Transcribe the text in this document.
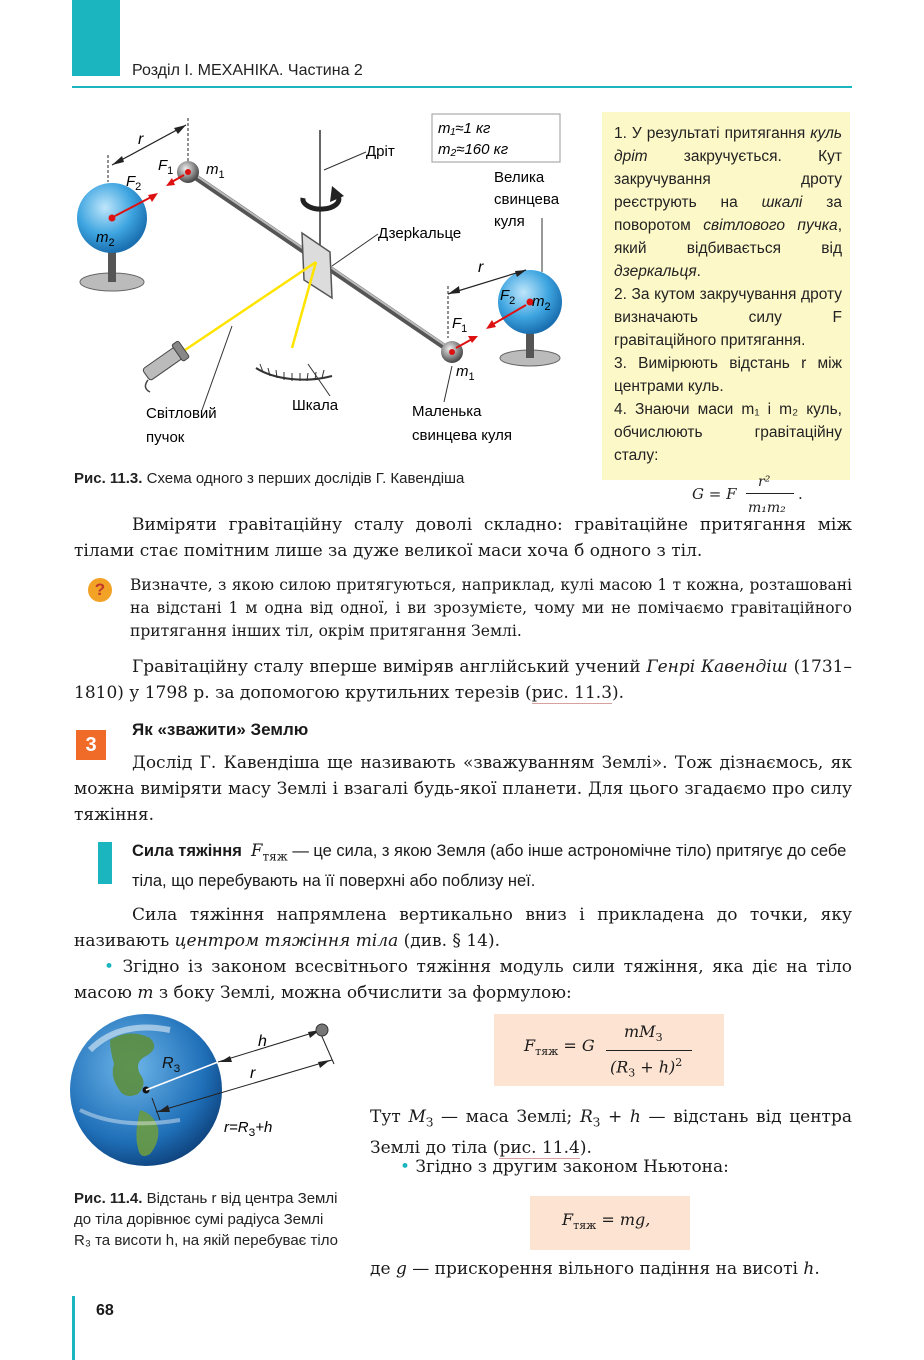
Розділ І. МЕХАНІКА. Частина 2
m₁≈1 кг
m₂≈160 кг
r
r
$F_2$
$F_1$ $m_1$
$m_2$
$F_2$ $m_2$
$F_1$
$m_1$
Дріт
Дзерkальце
Велика
свинцева
куля
Світловий
пучок
Шкала	Маленька
свинцева куля
Рис. 11.3. Схема одного з перших дослідів Г. Кавендіша

1. У результаті притягання куль дріт закручується. Кут закручування дроту реєструють на шкалі за поворотом світлового пучка, який відбивається від дзеркальця.

2. За кутом закручування дроту визначають силу F гравітаційного притягання.

3. Вимірюють відстань r між центрами куль.

4. Знаючи маси m₁ і m₂ куль, обчислюють гравітаційну сталу:

G = F
r²
m₁m₂
.
Виміряти гравітаційну сталу доволі складно: гравітаційне притягання між тілами стає помітним лише за дуже великої маси хоча б одного з тіл.
?	Визначте, з якою силою притягуються, наприклад, кулі масою 1 т кожна, розташовані на відстані 1 м одна від одної, і ви зрозумієте, чому ми не помічаємо гравітаційного притягання інших тіл, окрім притягання Землі.
Гравітаційну сталу вперше виміряв англійський учений Генрі Кавендіш (1731–1810) у 1798 р. за допомогою крутильних терезів (рис. 11.3).
3
Як «зважити» Землю
Дослід Г. Кавендіша ще називають «зважуванням Землі». Тож дізнаємось, як можна виміряти масу Землі і взагалі будь-якої планети. Для цього згадаємо про силу тяжіння.
Сила тяжіння $F_{тяж}$ — це сила, з якою Земля (або інше астрономічне тіло) притягує до себе тіла, що перебувають на її поверхні або поблизу неї.
Сила тяжіння напрямлена вертикально вниз і прикладена до точки, яку називають центром тяжіння тіла (див. § 14).
• Згідно із законом всесвітнього тяжіння модуль сили тяжіння, яка діє на тіло масою m з боку Землі, можна обчислити за формулою:
h
r
$R_З$
$r=R_З+h$
Рис. 11.4. Відстань r від центра Землі до тіла дорівнює сумі радіуса Землі R₃ та висоти h, на якій перебуває тіло
$F_{тяж} = G$
$mM_З$
$(R_З + h)^2$
Тут $M_З$ — маса Землі; $R_З + h$ — відстань від центра Землі до тіла (рис. 11.4).
• Згідно з другим законом Ньютона:
$F_{тяж}$ = mg,
де g — прискорення вільного падіння на висоті h.
68
